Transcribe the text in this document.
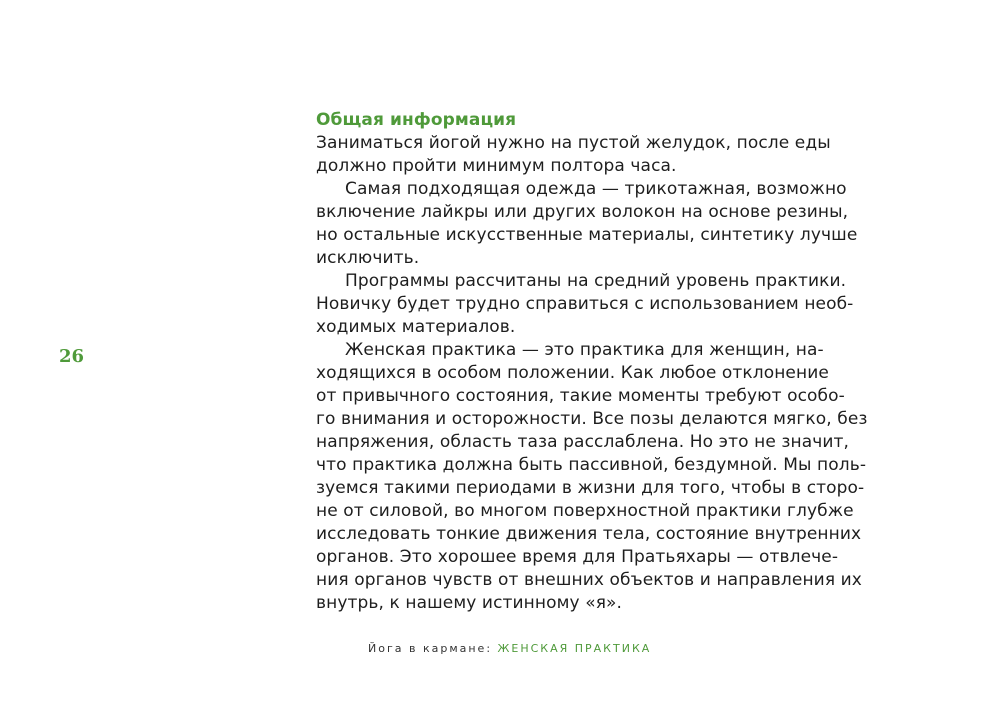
26
Общая информация
Заниматься йогой нужно на пустой желудок, после еды
должно пройти минимум полтора часа.
Самая подходящая одежда — трикотажная, возможно
включение лайкры или других волокон на основе резины,
но остальные искусственные материалы, синтетику лучше
исключить.
Программы рассчитаны на средний уровень практики.
Новичку будет трудно справиться с использованием необ-
ходимых материалов.
Женская практика — это практика для женщин, на-
ходящихся в особом положении. Как любое отклонение
от привычного состояния, такие моменты требуют особо-
го внимания и осторожности. Все позы делаются мягко, без
напряжения, область таза расслаблена. Но это не значит,
что практика должна быть пассивной, бездумной. Мы поль-
зуемся такими периодами в жизни для того, чтобы в сторо-
не от силовой, во многом поверхностной практики глубже
исследовать тонкие движения тела, состояние внутренних
органов. Это хорошее время для Пратьяхары — отвлече-
ния органов чувств от внешних объектов и направления их
внутрь, к нашему истинному «я».
Йога в кармане: ЖЕНСКАЯ ПРАКТИКА
